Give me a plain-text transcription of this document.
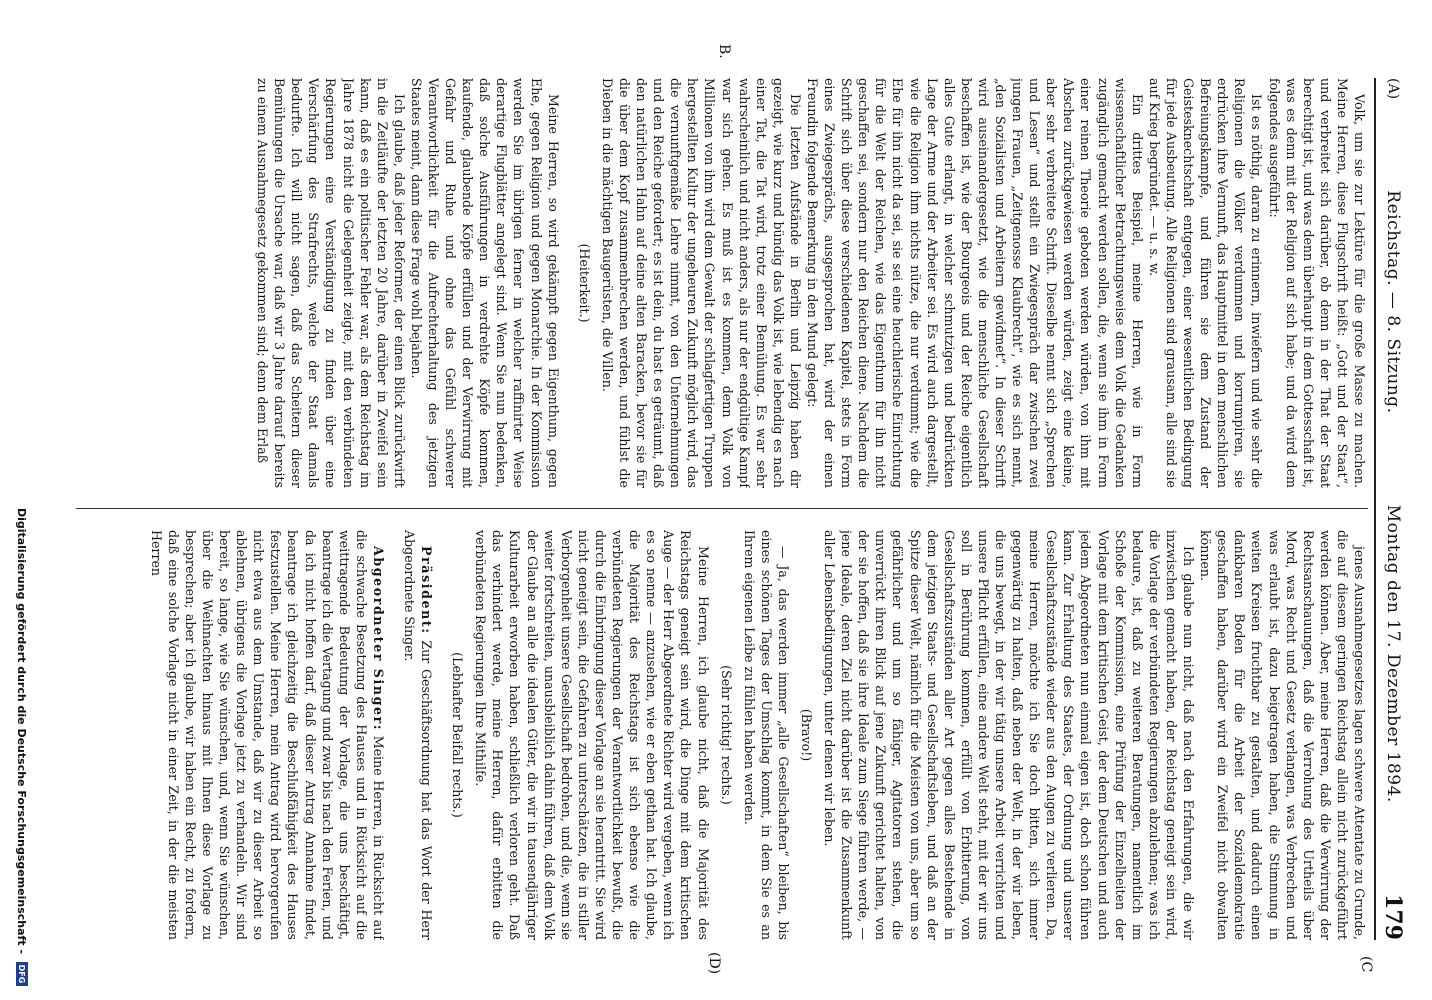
(A)
Reichstag. — 8. Sitzung.
Montag den 17. Dezember 1894.
179
(C
B.
(D)

Volk, um sie zur Lektüre für die große Masse zu machen. Meine Herren, diese Flugschrift heißt: „Gott und der Staat“, und verbreitet sich darüber, ob denn in der That der Staat berechtigt ist, und was denn überhaupt in dem Gottesschaft ist, was es denn mit der Religion auf sich habe; und da wird dem folgendes ausgeführt:

Ist es nöthig, daran zu erinnern, inwiefern und wie sehr die Religionen die Völker verdummen und korrumpiren, sie erdrücken ihre Vernunft, das Hauptmittel in dem menschlichen Befreiungskampfe, und führen sie dem Zustand der Geistesknechtschaft entgegen, einer wesentlichen Bedingung für jede Ausbeutung. Alle Religionen sind grausam, alle sind sie auf Krieg begründet. — u. s. w.

Ein drittes Beispiel, meine Herren, wie in Form wissenschaftlicher Betrachtungsweise dem Volk die Gedanken zugänglich gemacht werden sollen, die, wenn sie ihm in Form einer reinen Theorie geboten werden würden, von ihm mit Abscheu zurückgewiesen werden würden, zeigt eine kleine, aber sehr verbreitete Schrift. Dieselbe nennt sich „Sprechen und Lesen“ und stellt ein Zwiegespräch dar zwischen zwei jungen Frauen, „Zeitgenosse Klaubrecht“, wie es sich nennt, „den Sozialisten und Arbeitern gewidmet“. In dieser Schrift wird auseinandergesetzt, wie die menschliche Gesellschaft beschaffen ist, wie der Bourgeois und der Reiche eigentlich alles Gute erlangt, in welcher schmutzigen und bedrückten Lage der Arme und der Arbeiter sei. Es wird auch dargestellt, wie die Religion ihm nichts nütze, die nur verdummt; wie die Ehe für ihn nicht da sei, sie sei eine heuchlerische Einrichtung für die Welt der Reichen, wie das Eigenthum für ihn nicht geschaffen sei, sondern nur den Reichen diene. Nachdem die Schrift sich über diese verschiedenen Kapitel, stets in Form eines Zwiegesprächs, ausgesprochen hat, wird der einen Freundin folgende Bemerkung in den Mund gelegt:

Die letzten Aufstände in Berlin und Leipzig haben dir gezeigt, wie kurz und bündig das Volk ist, wie lebendig es nach einer Tat, die Tat wird, trotz einer Bemühung. Es war sehr wahrscheinlich und nicht anders, als nur der endgültige Kampf war sich gehen. Es muß ist es kommen, denn Volk von Millionen von ihm wird dem Gewalt der schlagfertigen Truppen hergestellten Kultur der ungeheuren Zukunft möglich wird, das die vernunftgemäße Lehre nimmt, von den Unternehmungen und den Reiche gefordert; es ist dein, du hast es geträumt, daß den natürlichen Hahn auf deine alten Baracken, bevor sie für die über dem Kopf zusammenbrechen werden, und fühlst die Dieben in die mächtigen Baugerüsten, die Villen.

(Heiterkeit.)

Meine Herren, so wird gekämpft gegen Eigenthum, gegen Ehe, gegen Religion und gegen Monarchie. In der Kommission werden Sie im übrigen ferner in welcher raffinirter Weise derartige Flugblätter angelegt sind. Wenn Sie nun bedenken, daß solche Ausführungen in verdrehte Köpfe kommen, kaufende, glaubende Köpfe erfüllen und der Verwirrung mit Gefahr und Ruhe und ohne das Gefühl schwerer Verantwortlichkeit für die Aufrechterhaltung des jetzigen Staates meint, dann diese Frage wohl bejahen.

Ich glaube, daß jeder Reformer, der einen Blick zurückwirft in die Zeitläufte der letzten 20 Jahre, darüber in Zweifel sein kann, daß es ein politischer Fehler war, als dem Reichstag im Jahre 1878 nicht die Gelegenheit zeigte, mit den verbündeten Regierungen eine Verständigung zu finden über eine Verschärfung des Strafrechts, welche der Staat damals bedurfte. Ich will nicht sagen, daß das Scheitern dieser Bemühungen die Ursache war, daß wir 3 Jahre darauf bereits zu einem Ausnahmegesetz gekommen sind; denn dem Erlaß

jenes Ausnahmegesetzes lagen schwere Attentate zu Grunde, die auf diesem geringen Reichstag allein nicht zurückgeführt werden können. Aber, meine Herren, daß die Verwirrung der Rechtsanschauungen, daß die Verrohung des Urtheils über Mord, was Recht und Gesetz verlangen, was Verbrechen und was erlaubt ist, dazu beigetragen haben, die Stimmung in weiten Kreisen fruchtbar zu gestalten, und dadurch einen dankbaren Boden für die Arbeit der Sozialdemokratie geschaffen haben, darüber wird ein Zweifel nicht obwalten können.

Ich glaube nun nicht, daß nach den Erfahrungen, die wir inzwischen gemacht haben, der Reichstag geneigt sein wird, die Vorlage der verbündeten Regierungen abzulehnen; was ich bedaure, ist, daß zu weiteren Beratungen, namentlich im Schoße der Kommission, eine Prüfung der Einzelheiten der Vorlage mit dem kritischen Geist, der dem Deutschen und auch jedem Abgeordneten nun einmal eigen ist, doch schon führen kann. Zur Erhaltung des Staates, der Ordnung und unserer Gesellschaftszustände wieder aus den Augen zu verlieren. Da, meine Herren, möchte ich Sie doch bitten, sich immer gegenwärtig zu halten, daß neben der Welt, in der wir leben, die uns bewegt, in der wir tätig unsere Arbeit verrichten und unsere Pflicht erfüllen, eine andere Welt steht, mit der wir uns soll in Berührung kommen, erfüllt von Erbitterung, von Gesellschaftszuständen aller Art gegen alles Bestehende in dem jetzigen Staats- und Gesellschaftsleben, und daß an der Spitze dieser Welt, nämlich für die Meisten von uns, aber um so gefährlicher und um so fähiger, Agitatoren stehen, die unverrückt ihren Blick auf jene Zukunft gerichtet halten, von der sie hoffen, daß sie ihre Ideale zum Siege führen werde, — jene Ideale, deren Ziel nicht darüber ist die Zusammenkunft aller Lebensbedingungen, unter denen wir leben.

(Bravo!)

— Ja, das werden immer „alle Gesellschaften“ bleiben, bis eines schönen Tages der Umschlag kommt, in dem Sie es an Ihrem eigenen Leibe zu fühlen haben werden.

(Sehr richtig! rechts.)

Meine Herren, ich glaube nicht, daß die Majorität des Reichstags geneigt sein wird, die Dinge mit dem kritischen Auge — der Herr Abgeordnete Richter wird vergeben, wenn ich es so nenne — anzusehen, wie er eben gethan hat. Ich glaube, die Majorität des Reichstags ist sich ebenso wie die verbündeten Regierungen der Verantwortlichkeit bewußt, die durch die Einbringung dieser Vorlage an sie herantritt. Sie wird nicht geneigt sein, die Gefahren zu unterschätzen, die in stiller Verborgenheit unsere Gesellschaft bedrohen, und die, wenn sie weiter fortschreiten, unausbleiblich dahin führen, daß dem Volk der Glaube an alle die idealen Güter, die wir in tausendjähriger Kulturarbeit erworben haben, schließlich verloren geht. Daß das verhindert werde, meine Herren, dafür erbitten die verbündeten Regierungen Ihre Mithilfe.

(Lebhafter Beifall rechts.)

Präsident: Zur Geschäftsordnung hat das Wort der Herr Abgeordnete Singer.

Abgeordneter Singer: Meine Herren, in Rücksicht auf die schwache Besetzung des Hauses und in Rücksicht auf die weittragende Bedeutung der Vorlage, die uns beschäftigt, beantrage ich die Vertagung und zwar bis nach den Ferien, und da ich nicht hoffen darf, daß dieser Antrag Annahme findet, beantrage ich gleichzeitig die Beschlußfähigkeit des Hauses festzustellen. Meine Herren, mein Antrag wird hervorgerufen nicht etwa aus dem Umstande, daß wir zu dieser Arbeit so ablehnen, übrigens die Vorlage jetzt zu verhandeln. Wir sind bereit, so lange, wie Sie wünschen, und, wenn Sie wünschen, über die Weihnachten hinaus mit Ihnen diese Vorlage zu besprechen; aber ich glaube, wir haben ein Recht, zu fordern, daß eine solche Vorlage nicht in einer Zeit, in der die meisten Herren

Digitalisierung gefördert durch die Deutsche Forschungsgemeinschaft -
DFG
